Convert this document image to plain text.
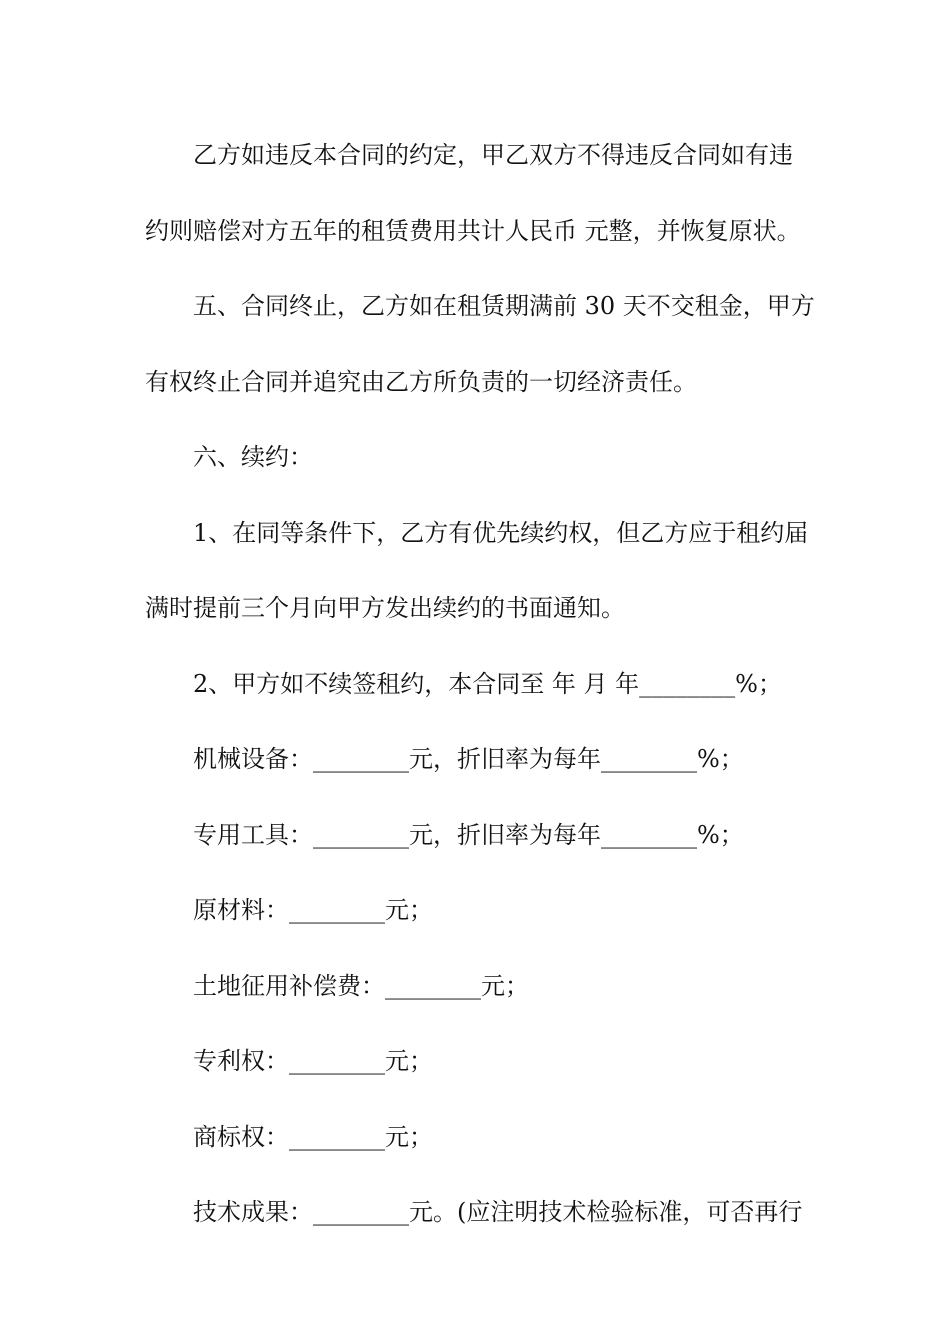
乙方如违反本合同的约定，甲乙双方不得违反合同如有违

约则赔偿对方五年的租赁费用共计人民币 元整，并恢复原状。

五、合同终止，乙方如在租赁期满前 30 天不交租金，甲方

有权终止合同并追究由乙方所负责的一切经济责任。

六、续约：

1、在同等条件下，乙方有优先续约权，但乙方应于租约届

满时提前三个月向甲方发出续约的书面通知。

2、甲方如不续签租约，本合同至 年 月 年________%；

机械设备：________元，折旧率为每年________%；

专用工具：________元，折旧率为每年________%；

原材料：________元；

土地征用补偿费：________元；

专利权：________元；

商标权：________元；

技术成果：________元。(应注明技术检验标准，可否再行
